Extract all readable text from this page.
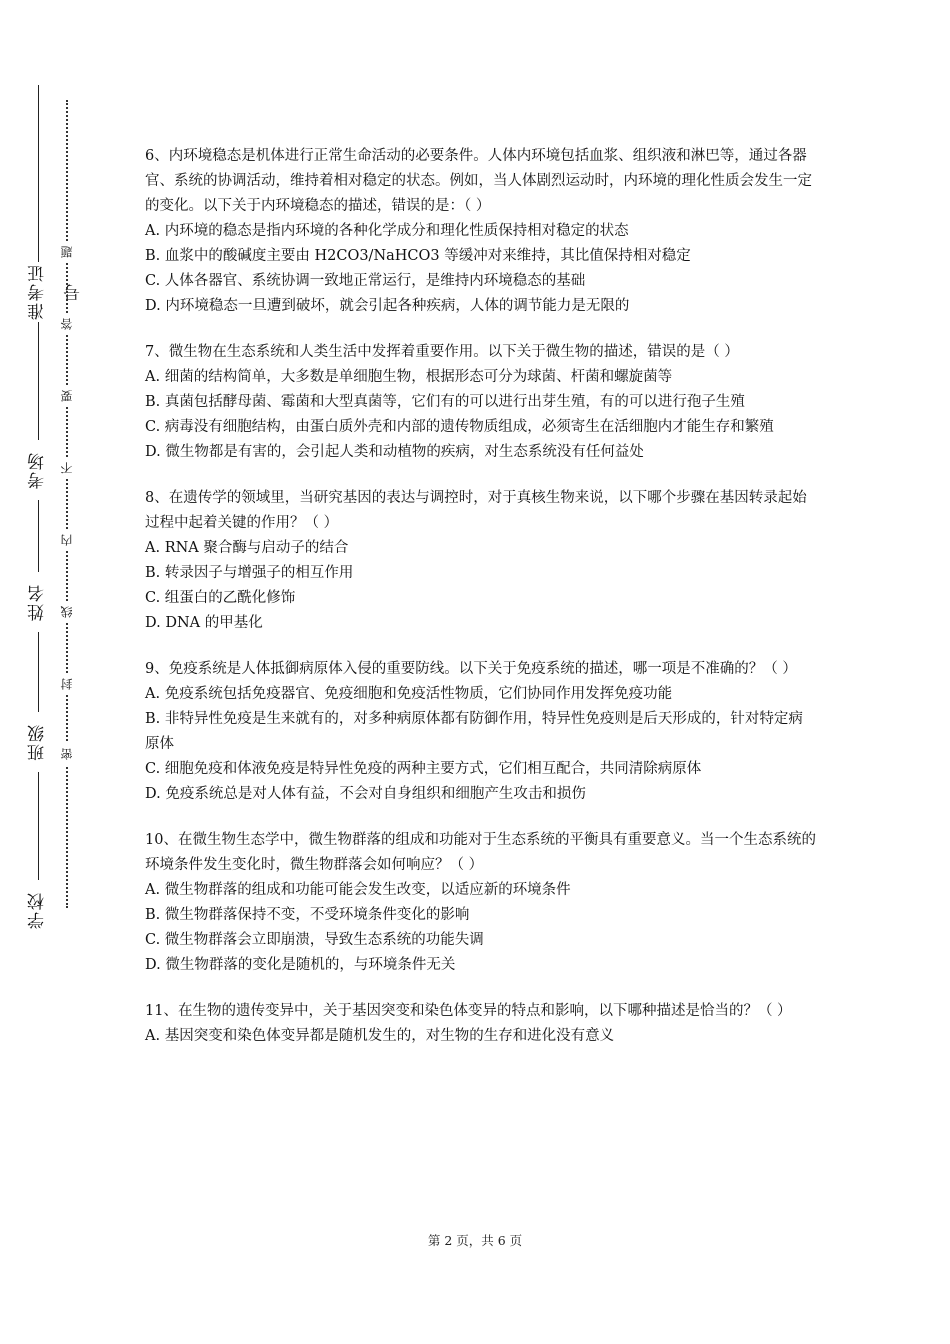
准考证号
考场
姓名
班级
学校
题
答
要
不
内
线
封
密

6、内环境稳态是机体进行正常生命活动的必要条件。人体内环境包括血浆、组织液和淋巴等，通过各器官、系统的协调活动，维持着相对稳定的状态。例如，当人体剧烈运动时，内环境的理化性质会发生一定的变化。以下关于内环境稳态的描述，错误的是：（ ）

A. 内环境的稳态是指内环境的各种化学成分和理化性质保持相对稳定的状态

B. 血浆中的酸碱度主要由 H2CO3/NaHCO3 等缓冲对来维持，其比值保持相对稳定

C. 人体各器官、系统协调一致地正常运行，是维持内环境稳态的基础

D. 内环境稳态一旦遭到破坏，就会引起各种疾病，人体的调节能力是无限的

7、微生物在生态系统和人类生活中发挥着重要作用。以下关于微生物的描述，错误的是（ ）

A. 细菌的结构简单，大多数是单细胞生物，根据形态可分为球菌、杆菌和螺旋菌等

B. 真菌包括酵母菌、霉菌和大型真菌等，它们有的可以进行出芽生殖，有的可以进行孢子生殖

C. 病毒没有细胞结构，由蛋白质外壳和内部的遗传物质组成，必须寄生在活细胞内才能生存和繁殖

D. 微生物都是有害的，会引起人类和动植物的疾病，对生态系统没有任何益处

8、在遗传学的领域里，当研究基因的表达与调控时，对于真核生物来说，以下哪个步骤在基因转录起始过程中起着关键的作用？（ ）

A. RNA 聚合酶与启动子的结合

B. 转录因子与增强子的相互作用

C. 组蛋白的乙酰化修饰

D. DNA 的甲基化

9、免疫系统是人体抵御病原体入侵的重要防线。以下关于免疫系统的描述，哪一项是不准确的？（ ）

A. 免疫系统包括免疫器官、免疫细胞和免疫活性物质，它们协同作用发挥免疫功能

B. 非特异性免疫是生来就有的，对多种病原体都有防御作用，特异性免疫则是后天形成的，针对特定病原体

C. 细胞免疫和体液免疫是特异性免疫的两种主要方式，它们相互配合，共同清除病原体

D. 免疫系统总是对人体有益，不会对自身组织和细胞产生攻击和损伤

10、在微生物生态学中，微生物群落的组成和功能对于生态系统的平衡具有重要意义。当一个生态系统的环境条件发生变化时，微生物群落会如何响应？（ ）

A. 微生物群落的组成和功能可能会发生改变，以适应新的环境条件

B. 微生物群落保持不变，不受环境条件变化的影响

C. 微生物群落会立即崩溃，导致生态系统的功能失调

D. 微生物群落的变化是随机的，与环境条件无关

11、在生物的遗传变异中，关于基因突变和染色体变异的特点和影响，以下哪种描述是恰当的？（ ）

A. 基因突变和染色体变异都是随机发生的，对生物的生存和进化没有意义

第 2 页，共 6 页
